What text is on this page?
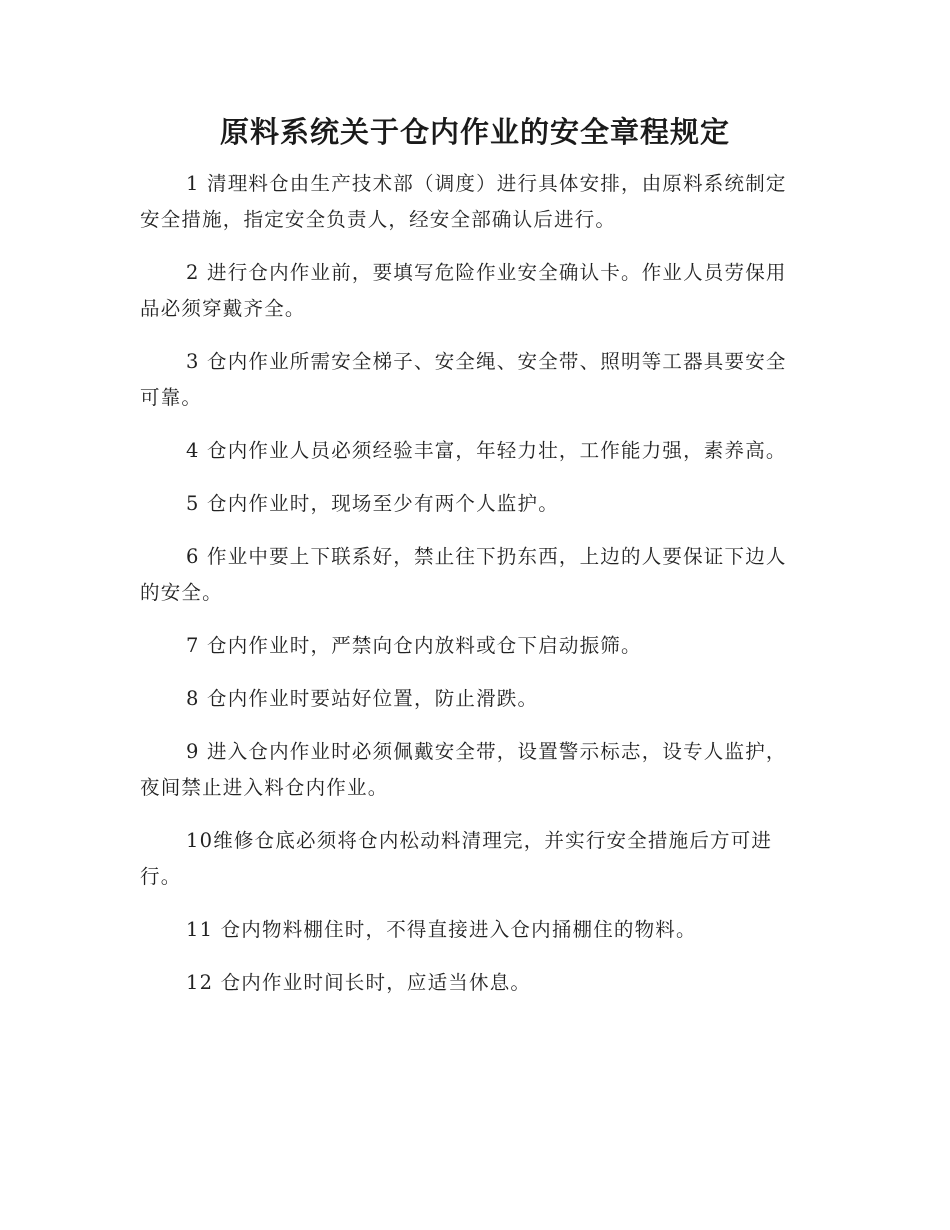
原料系统关于仓内作业的安全章程规定

1 清理料仓由生产技术部（调度）进行具体安排，由原料系统制定安全措施，指定安全负责人，经安全部确认后进行。

2 进行仓内作业前，要填写危险作业安全确认卡。作业人员劳保用品必须穿戴齐全。

3 仓内作业所需安全梯子、安全绳、安全带、照明等工器具要安全可靠。

4 仓内作业人员必须经验丰富，年轻力壮，工作能力强，素养高。

5 仓内作业时，现场至少有两个人监护。

6 作业中要上下联系好，禁止往下扔东西，上边的人要保证下边人的安全。

7 仓内作业时，严禁向仓内放料或仓下启动振筛。

8 仓内作业时要站好位置，防止滑跌。

9 进入仓内作业时必须佩戴安全带，设置警示标志，设专人监护，夜间禁止进入料仓内作业。

10维修仓底必须将仓内松动料清理完，并实行安全措施后方可进行。

11 仓内物料棚住时，不得直接进入仓内捅棚住的物料。

12 仓内作业时间长时，应适当休息。
